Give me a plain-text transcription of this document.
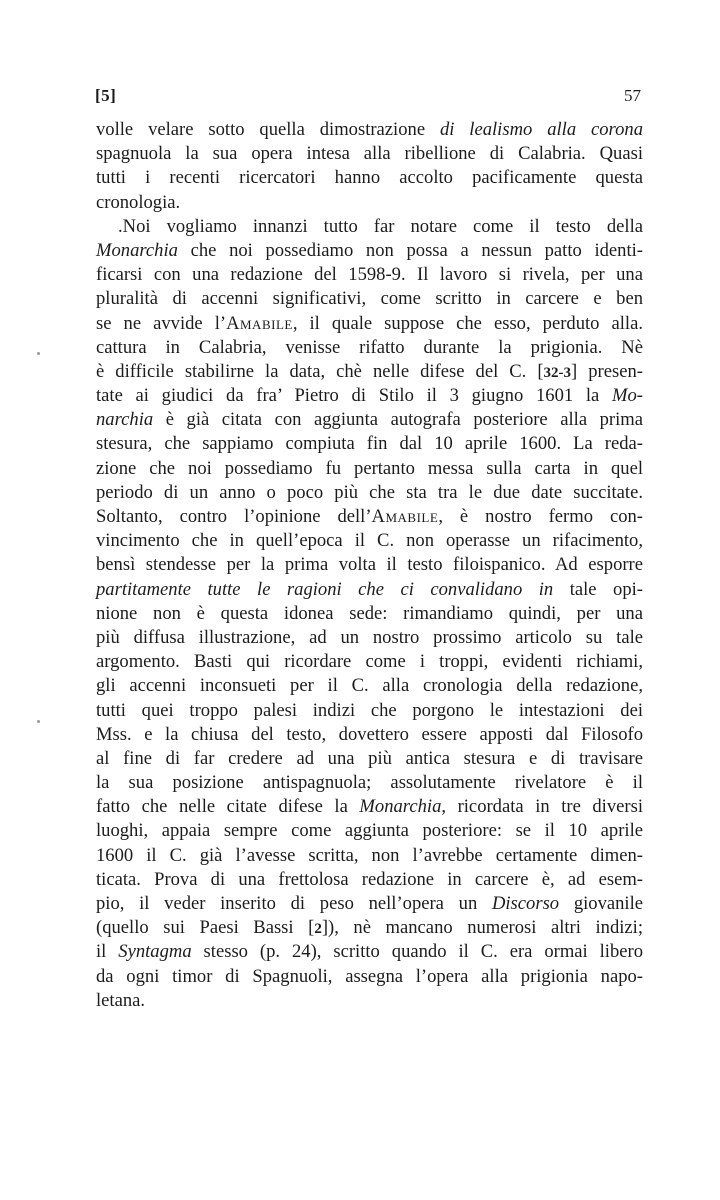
[5]	57
volle velare sotto quella dimostrazione di lealismo alla corona
spagnuola la sua opera intesa alla ribellione di Calabria. Quasi
tutti i recenti ricercatori hanno accolto pacificamente questa
cronologia.
.Noi vogliamo innanzi tutto far notare come il testo della
Monarchia che noi possediamo non possa a nessun patto identi-
ficarsi con una redazione del 1598-9. Il lavoro si rivela, per una
pluralità di accenni significativi, come scritto in carcere e ben
se ne avvide l’Amabile, il quale suppose che esso, perduto alla.
cattura in Calabria, venisse rifatto durante la prigionia. Nè
è difficile stabilirne la data, chè nelle difese del C. [32-3] presen-
tate ai giudici da fra’ Pietro di Stilo il 3 giugno 1601 la Mo-
narchia è già citata con aggiunta autografa posteriore alla prima
stesura, che sappiamo compiuta fin dal 10 aprile 1600. La reda-
zione che noi possediamo fu pertanto messa sulla carta in quel
periodo di un anno o poco più che sta tra le due date succitate.
Soltanto, contro l’opinione dell’Amabile, è nostro fermo con-
vincimento che in quell’epoca il C. non operasse un rifacimento,
bensì stendesse per la prima volta il testo filoispanico. Ad esporre
partitamente tutte le ragioni che ci convalidano in tale opi-
nione non è questa idonea sede: rimandiamo quindi, per una
più diffusa illustrazione, ad un nostro prossimo articolo su tale
argomento. Basti qui ricordare come i troppi, evidenti richiami,
gli accenni inconsueti per il C. alla cronologia della redazione,
tutti quei troppo palesi indizi che porgono le intestazioni dei
Mss. e la chiusa del testo, dovettero essere apposti dal Filosofo
al fine di far credere ad una più antica stesura e di travisare
la sua posizione antispagnuola; assolutamente rivelatore è il
fatto che nelle citate difese la Monarchia, ricordata in tre diversi
luoghi, appaia sempre come aggiunta posteriore: se il 10 aprile
1600 il C. già l’avesse scritta, non l’avrebbe certamente dimen-
ticata. Prova di una frettolosa redazione in carcere è, ad esem-
pio, il veder inserito di peso nell’opera un Discorso giovanile
(quello sui Paesi Bassi [2]), nè mancano numerosi altri indizi;
il Syntagma stesso (p. 24), scritto quando il C. era ormai libero
da ogni timor di Spagnuoli, assegna l’opera alla prigionia napo-
letana.
